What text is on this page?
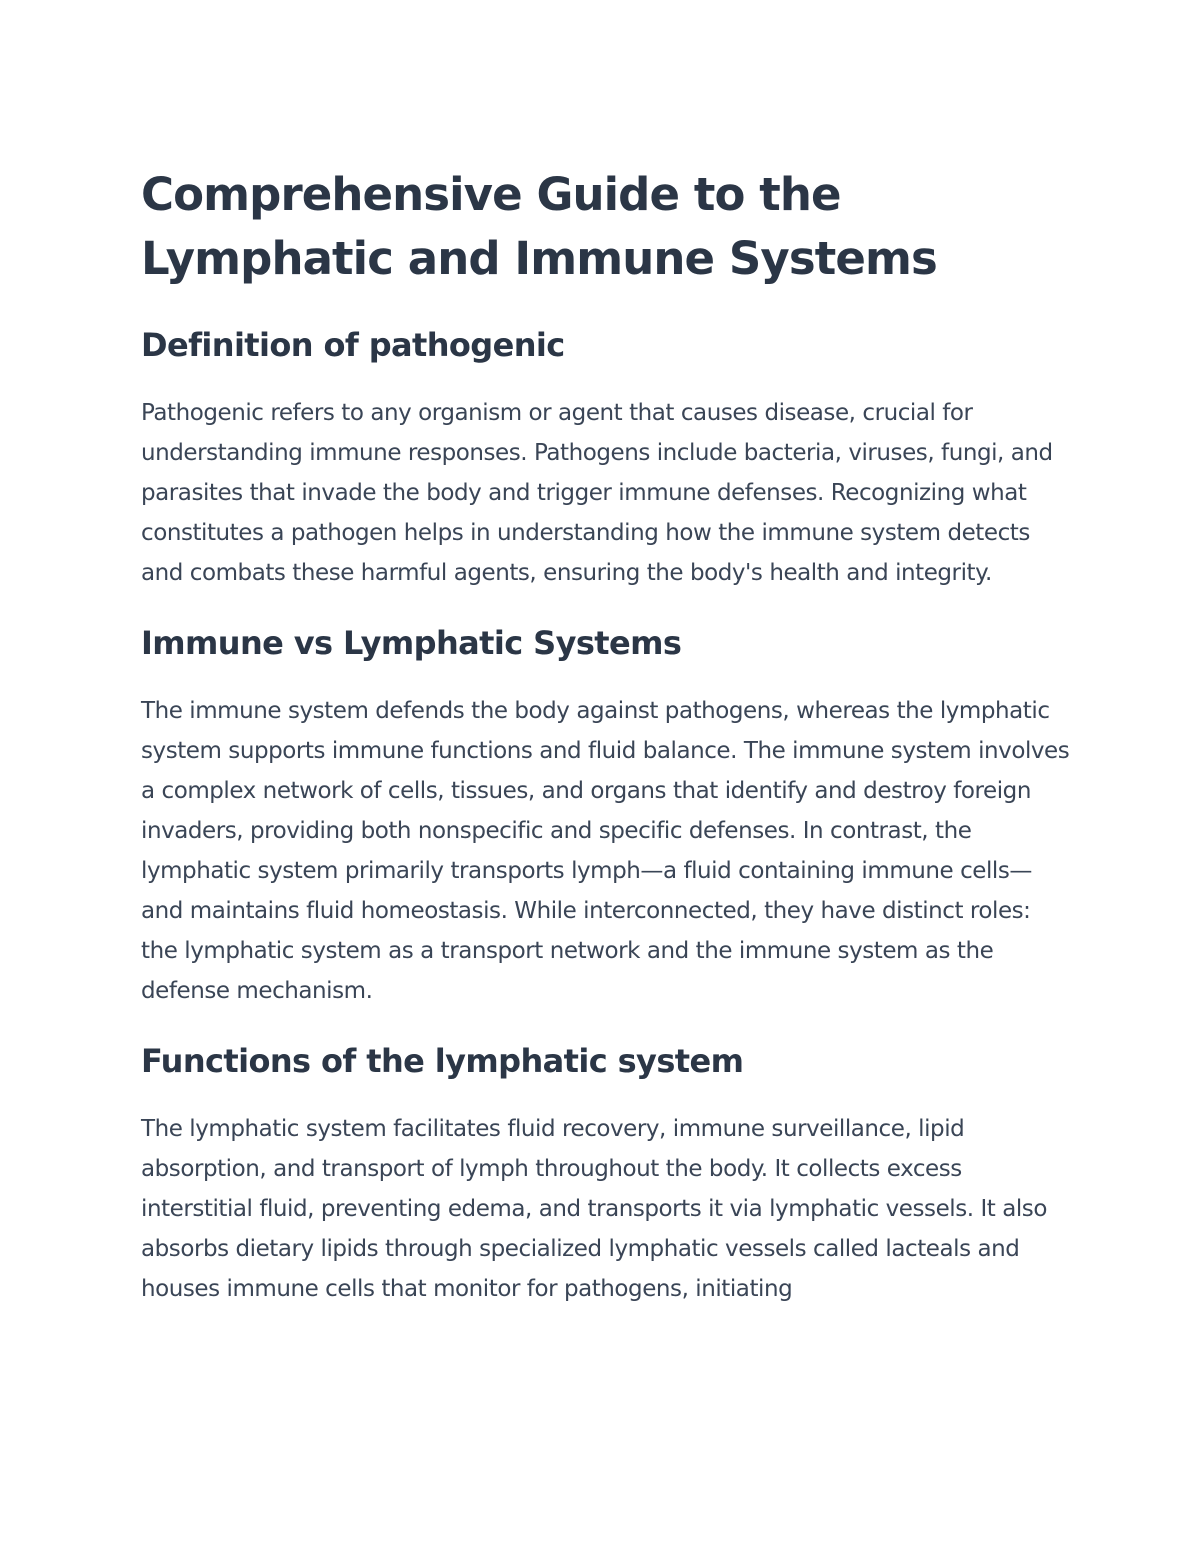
Comprehensive Guide to the Lymphatic and Immune Systems
Definition of pathogenic

Pathogenic refers to any organism or agent that causes disease, crucial for understanding immune responses. Pathogens include bacteria, viruses, fungi, and parasites that invade the body and trigger immune defenses. Recognizing what constitutes a pathogen helps in understanding how the immune system detects and combats these harmful agents, ensuring the body's health and integrity.

Immune vs Lymphatic Systems

The immune system defends the body against pathogens, whereas the lymphatic system supports immune functions and fluid balance. The immune system involves a complex network of cells, tissues, and organs that identify and destroy foreign invaders, providing both nonspecific and specific defenses. In contrast, the lymphatic system primarily transports lymph—a fluid containing immune cells—and maintains fluid homeostasis. While interconnected, they have distinct roles: the lymphatic system as a transport network and the immune system as the defense mechanism.

Functions of the lymphatic system

The lymphatic system facilitates fluid recovery, immune surveillance, lipid absorption, and transport of lymph throughout the body. It collects excess interstitial fluid, preventing edema, and transports it via lymphatic vessels. It also absorbs dietary lipids through specialized lymphatic vessels called lacteals and houses immune cells that monitor for pathogens, initiating
